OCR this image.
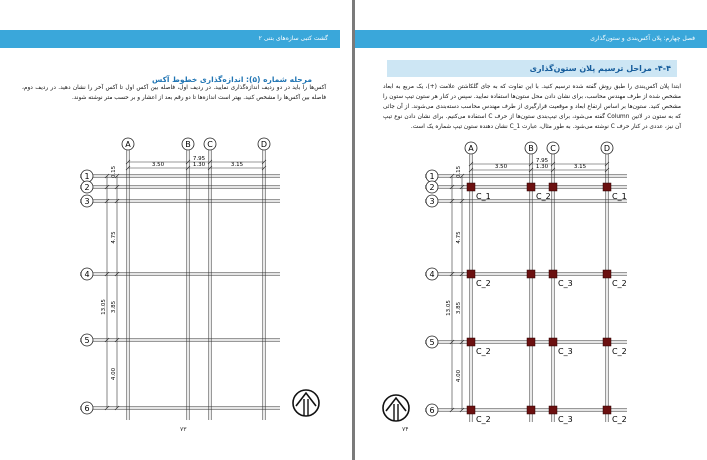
گشت کتبی سازه‌های بتنی ۲
مرحله شماره (۵): اندازه‌گذاری خطوط آکس
آکس‌ها را باید در دو ردیف اندازه‌گذاری نمایید. در ردیف اول، فاصله بین آکس اول تا آکس آخر را نشان دهید. در ردیف دوم، فاصله بین آکس‌ها را مشخص کنید. بهتر است اندازه‌ها تا دو رقم بعد از اعشار و بر حسب متر نوشته شوند.
۷۳
A	B C	D
1
2
3
4
5
6
7.95
3.50	1.30	3.15
13.05
0.15
4.75
3.85
4.00
فصل چهارم: پلان آکس‌بندی و ستون‌گذاری
۴-۴- مراحل ترسیم پلان ستون‌گذاری
ابتدا پلان آکس‌بندی را طبق روش گفته شده ترسیم کنید. با این تفاوت که به جای گلکاشتن علامت (+)، یک مربع به ابعاد مشخص شده از طرف مهندس محاسب، برای نشان دادن محل ستون‌ها استفاده نمایید. سپس در کنار هر ستون تیپ ستون را مشخص کنید. ستون‌ها بر اساس ارتفاع ابعاد و موقعیت قرارگیری از طرف مهندس محاسب دسته‌بندی می‌شوند. از آن جائی که به ستون در لاتین Column گفته می‌شود، برای تیپ‌بندی ستون‌ها از حرف C استفاده می‌کنیم. برای نشان دادن نوع تیپ آن نیز، عددی در کنار حرف C نوشته می‌شود. به طور مثال، عبارت C_1 نشان دهنده ستون تیپ شماره یک است.
۷۴
A	B C	D
1
2
3
4
5
6
7.95
3.50	1.30	3.15
13.05
0.15
4.75
3.85
4.00
C_1	C_2	C_1
C_2	C_3	C_2
C_2	C_3	C_2
C_2	C_3	C_2
